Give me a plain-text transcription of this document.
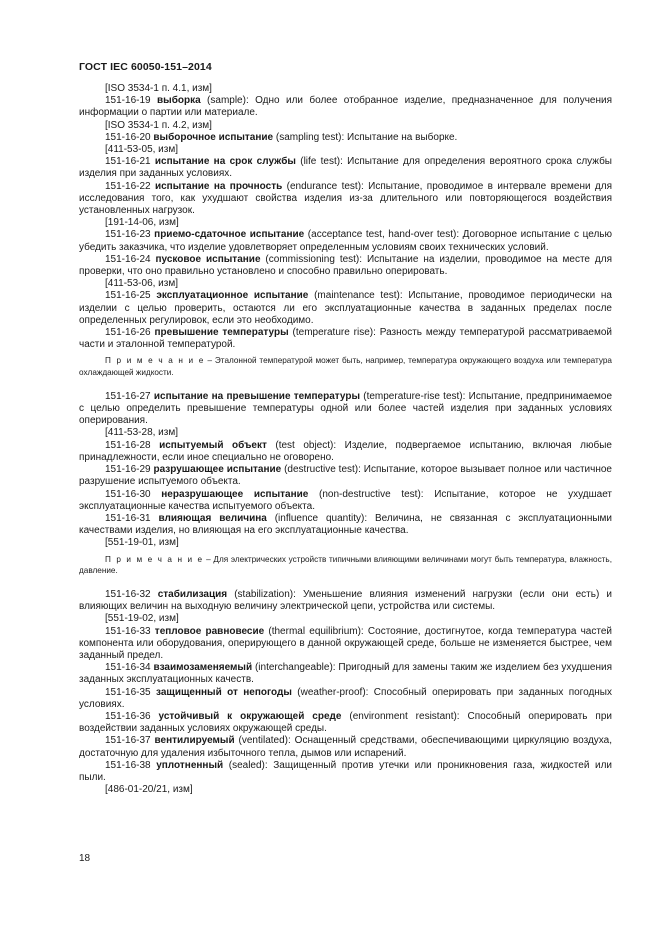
ГОСТ IEC 60050-151–2014

[ISO 3534-1 п. 4.1, изм]

151-16-19 выборка (sample): Одно или более отобранное изделие, предназначенное для получения информации о партии или материале.

[ISO 3534-1 п. 4.2, изм]

151-16-20 выборочное испытание (sampling test): Испытание на выборке.

[411-53-05, изм]

151-16-21 испытание на срок службы (life test): Испытание для определения вероятного срока службы изделия при заданных условиях.

151-16-22 испытание на прочность (endurance test): Испытание, проводимое в интервале времени для исследования того, как ухудшают свойства изделия из-за длительного или повторяющегося воздействия установленных нагрузок.

[191-14-06, изм]

151-16-23 приемо-сдаточное испытание (acceptance test, hand-over test): Договорное испытание с целью убедить заказчика, что изделие удовлетворяет определенным условиям своих технических условий.

151-16-24 пусковое испытание (commissioning test): Испытание на изделии, проводимое на месте для проверки, что оно правильно установлено и способно правильно оперировать.

[411-53-06, изм]

151-16-25 эксплуатационное испытание (maintenance test): Испытание, проводимое периодически на изделии с целью проверить, остаются ли его эксплуатационные качества в заданных пределах после определенных регулировок, если это необходимо.

151-16-26 превышение температуры (temperature rise): Разность между температурой рассматриваемой части и эталонной температурой.

П р и м е ч а н и е – Эталонной температурой может быть, например, температура окружающего воздуха или температура охлаждающей жидкости.

151-16-27 испытание на превышение температуры (temperature-rise test): Испытание, предпринимаемое с целью определить превышение температуры одной или более частей изделия при заданных условиях оперирования.

[411-53-28, изм]

151-16-28 испытуемый объект (test object): Изделие, подвергаемое испытанию, включая любые принадлежности, если иное специально не оговорено.

151-16-29 разрушающее испытание (destructive test): Испытание, которое вызывает полное или частичное разрушение испытуемого объекта.

151-16-30 неразрушающее испытание (non-destructive test): Испытание, которое не ухудшает эксплуатационные качества испытуемого объекта.

151-16-31 влияющая величина (influence quantity): Величина, не связанная с эксплуатационными качествами изделия, но влияющая на его эксплуатационные качества.

[551-19-01, изм]

П р и м е ч а н и е – Для электрических устройств типичными влияющими величинами могут быть температура, влажность, давление.

151-16-32 стабилизация (stabilization): Уменьшение влияния изменений нагрузки (если они есть) и влияющих величин на выходную величину электрической цепи, устройства или системы.

[551-19-02, изм]

151-16-33 тепловое равновесие (thermal equilibrium): Состояние, достигнутое, когда температура частей компонента или оборудования, оперирующего в данной окружающей среде, больше не изменяется быстрее, чем заданный предел.

151-16-34 взаимозаменяемый (interchangeable): Пригодный для замены таким же изделием без ухудшения заданных эксплуатационных качеств.

151-16-35 защищенный от непогоды (weather-proof): Способный оперировать при заданных погодных условиях.

151-16-36 устойчивый к окружающей среде (environment resistant): Способный оперировать при воздействии заданных условиях окружающей среды.

151-16-37 вентилируемый (ventilated): Оснащенный средствами, обеспечивающими циркуляцию воздуха, достаточную для удаления избыточного тепла, дымов или испарений.

151-16-38 уплотненный (sealed): Защищенный против утечки или проникновения газа, жидкостей или пыли.

[486-01-20/21, изм]

18
